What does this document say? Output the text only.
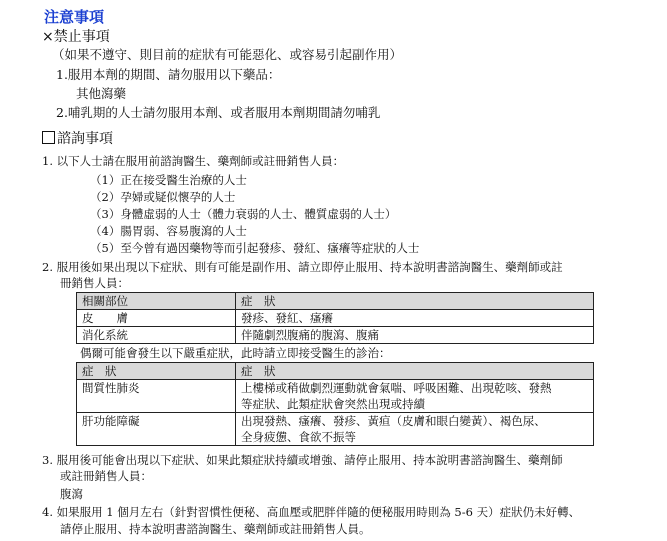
注意事項
×禁止事項
（如果不遵守、則目前的症狀有可能惡化、或容易引起副作用）
1.服用本劑的期間、請勿服用以下藥品：
其他瀉藥
2.哺乳期的人士請勿服用本劑、或者服用本劑期間請勿哺乳
諮詢事項
1. 以下人士請在服用前諮詢醫生、藥劑師或註冊銷售人員：
（1）正在接受醫生治療的人士
（2）孕婦或疑似懷孕的人士
（3）身體虛弱的人士（體力衰弱的人士、體質虛弱的人士）
（4）腸胃弱、容易腹瀉的人士
（5）至今曾有過因藥物等而引起發疹、發紅、瘙癢等症狀的人士
2. 服用後如果出現以下症狀、則有可能是副作用、請立即停止服用、持本說明書諮詢醫生、藥劑師或註
冊銷售人員：
相關部位	症　狀
皮　　膚	發疹、發紅、瘙癢
消化系統	伴隨劇烈腹痛的腹瀉、腹痛
偶爾可能會發生以下嚴重症狀，此時請立即接受醫生的診治：
症　狀	症　狀
間質性肺炎	上樓梯或稍做劇烈運動就會氣喘、呼吸困難、出現乾咳、發熱
等症狀、此類症狀會突然出現或持續

肝功能障礙	出現發熱、瘙癢、發疹、黃疸（皮膚和眼白變黃）、褐色尿、
全身疲憊、食欲不振等
3. 服用後可能會出現以下症狀、如果此類症狀持續或增強、請停止服用、持本說明書諮詢醫生、藥劑師
或註冊銷售人員：
腹瀉
4. 如果服用 1 個月左右（針對習慣性便秘、高血壓或肥胖伴隨的便秘服用時則為 5-6 天）症狀仍未好轉、
請停止服用、持本說明書諮詢醫生、藥劑師或註冊銷售人員。
